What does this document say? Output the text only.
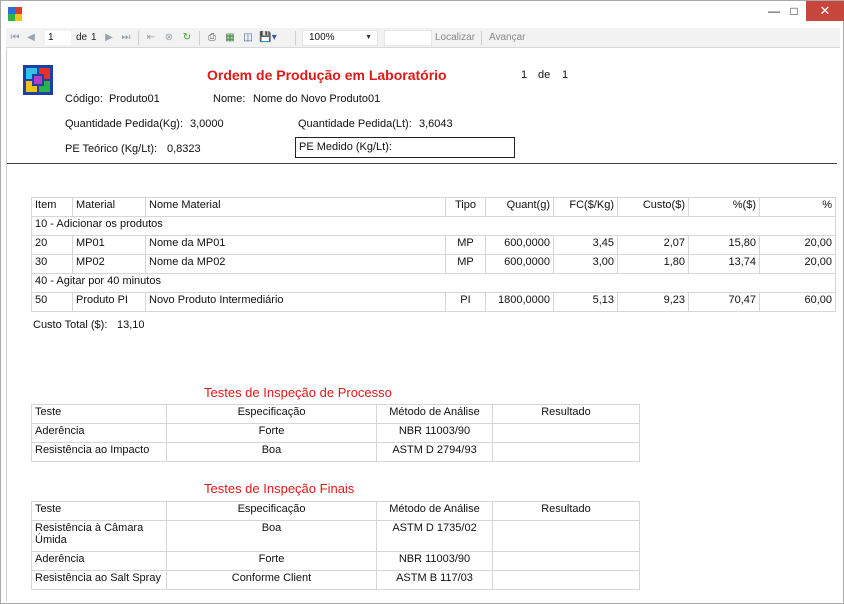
— □	✕
⏮ ◀	1	de 1 ▶ ⏭ ⇤ ⊗ ↻	⎙ ▦ ◫ 💾▾	100%	▼	Localizar Avançar
Ordem de Produção em Laboratório	1 de 1
Código: Produto01	Nome: Nome do Novo Produto01
Quantidade Pedida(Kg): 3,0000	Quantidade Pedida(Lt): 3,6043
PE Teórico (Kg/Lt): 0,8323	PE Medido (Kg/Lt):
Item	Material	Nome Material	Tipo	Quant(g)	FC($/Kg)	Custo($)	%($)	%
10 - Adicionar os produtos								
20	MP01	Nome da MP01	MP	600,0000	3,45	2,07	15,80	20,00
30	MP02	Nome da MP02	MP	600,0000	3,00	1,80	13,74	20,00
40 - Agitar por 40 minutos								
50	Produto PI	Novo Produto Intermediário	PI	1800,0000	5,13	9,23	70,47	60,00
Custo Total ($): 13,10
Testes de Inspeção de Processo
Teste	Especificação	Método de Análise	Resultado
Aderência	Forte	NBR 11003/90	
Resistência ao Impacto	Boa	ASTM D 2794/93	
Testes de Inspeção Finais
Teste	Especificação	Método de Análise	Resultado
Resistência à Câmara Úmida	Boa	ASTM D 1735/02	
Aderência	Forte	NBR 11003/90	
Resistência ao Salt Spray	Conforme Client	ASTM B 117/03	
